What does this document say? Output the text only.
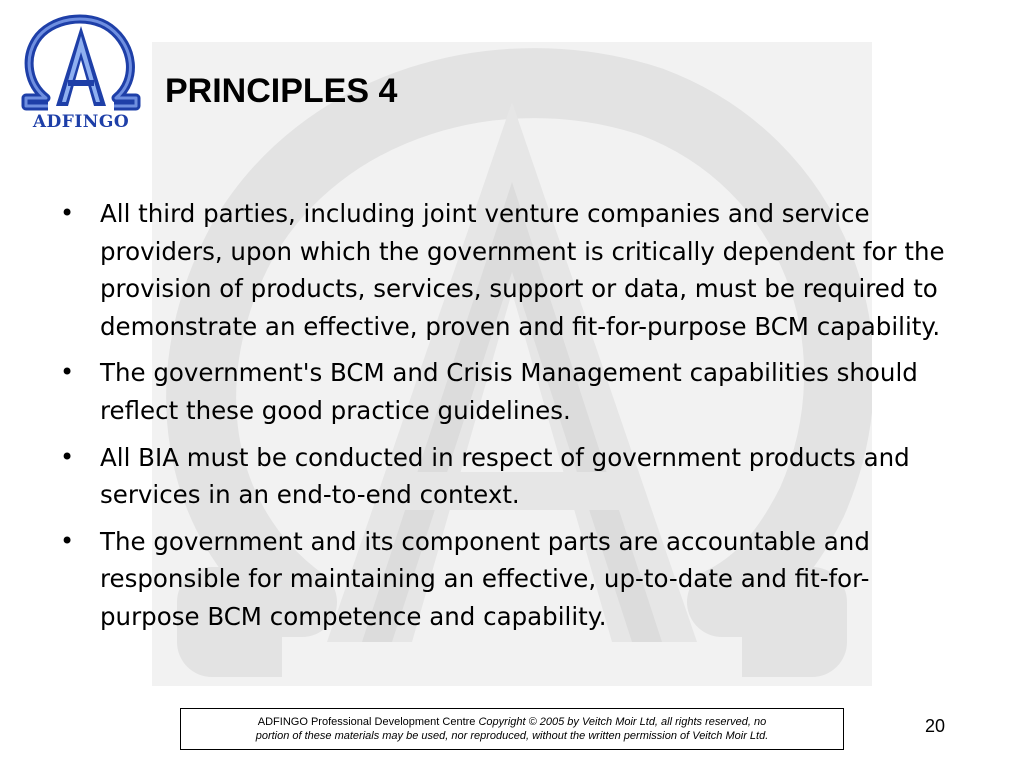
ADFINGO
PRINCIPLES 4
• All third parties, including joint venture companies and service providers, upon which the government is critically dependent for the provision of products, services, support or data, must be required to demonstrate an effective, proven and fit-for-purpose BCM capability.
• The government's BCM and Crisis Management capabilities should reflect these good practice guidelines.
• All BIA must be conducted in respect of government products and services in an end-to-end context.
• The government and its component parts are accountable and responsible for maintaining an effective, up-to-date and fit-for-purpose BCM competence and capability.
ADFINGO Professional Development Centre Copyright © 2005 by Veitch Moir Ltd, all rights reserved, no
portion of these materials may be used, nor reproduced, without the written permission of Veitch Moir Ltd.	20
